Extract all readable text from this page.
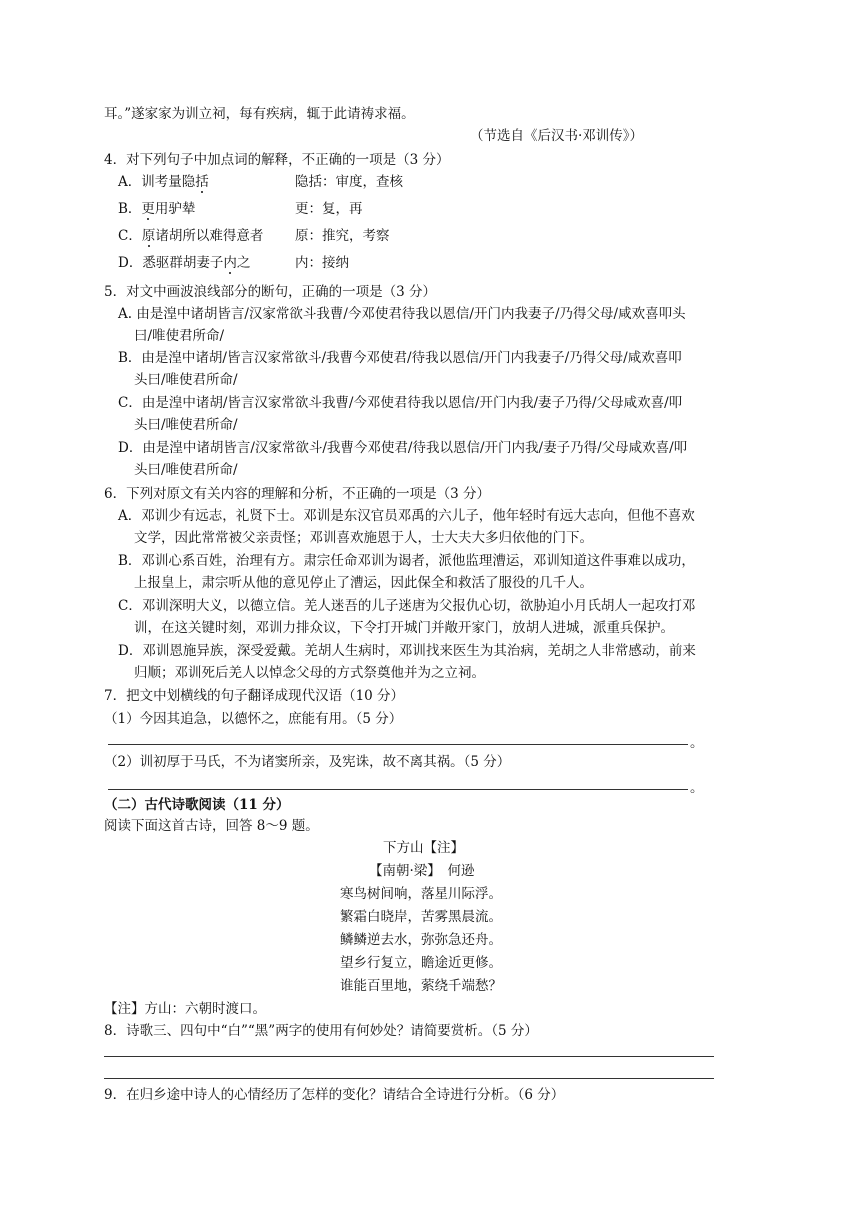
耳。”遂家家为训立祠，每有疾病，辄于此请祷求福。
（节选自《后汉书·邓训传》）
4．对下列句子中加点词的解释，不正确的一项是（3 分）
A．训考量隐括	隐括：审度，查核
B．更用驴辇	更：复，再
C．原诸胡所以难得意者 原：推究，考察
D．悉驱群胡妻子内之	内：接纳
5．对文中画波浪线部分的断句，正确的一项是（3 分）
A. 由是湟中诸胡皆言/汉家常欲斗我曹/今邓使君待我以恩信/开门内我妻子/乃得父母/咸欢喜叩头
曰/唯使君所命/
B．由是湟中诸胡/皆言汉家常欲斗/我曹今邓使君/待我以恩信/开门内我妻子/乃得父母/咸欢喜叩
头曰/唯使君所命/
C．由是湟中诸胡/皆言汉家常欲斗我曹/今邓使君待我以恩信/开门内我/妻子乃得/父母咸欢喜/叩
头曰/唯使君所命/
D．由是湟中诸胡皆言/汉家常欲斗/我曹今邓使君/待我以恩信/开门内我/妻子乃得/父母咸欢喜/叩
头曰/唯使君所命/
6．下列对原文有关内容的理解和分析，不正确的一项是（3 分）
A．邓训少有远志，礼贤下士。邓训是东汉官员邓禹的六儿子，他年轻时有远大志向，但他不喜欢
文学，因此常常被父亲责怪；邓训喜欢施恩于人，士大夫大多归依他的门下。
B．邓训心系百姓，治理有方。肃宗任命邓训为谒者，派他监理漕运，邓训知道这件事难以成功，
上报皇上，肃宗听从他的意见停止了漕运，因此保全和救活了服役的几千人。
C．邓训深明大义，以德立信。羌人迷吾的儿子迷唐为父报仇心切，欲胁迫小月氏胡人一起攻打邓
训，在这关键时刻，邓训力排众议，下令打开城门并敞开家门，放胡人进城，派重兵保护。
D．邓训恩施异族，深受爱戴。羌胡人生病时，邓训找来医生为其治病，羌胡之人非常感动，前来
归顺；邓训死后羌人以悼念父母的方式祭奠他并为之立祠。
7．把文中划横线的句子翻译成现代汉语（10 分）
（1）今因其追急，以德怀之，庶能有用。（5 分）
。
（2）训初厚于马氏，不为诸窦所亲，及宪诛，故不离其祸。（5 分）
。
（二）古代诗歌阅读（11 分）
阅读下面这首古诗，回答 8～9 题。
下方山【注】
【南朝·梁】　何逊
寒鸟树间响，落星川际浮。
繁霜白晓岸，苦雾黑晨流。
鳞鳞逆去水，弥弥急还舟。
望乡行复立，瞻途近更修。
谁能百里地，萦绕千端愁？
【注】方山：六朝时渡口。
8．诗歌三、四句中“白”“黑”两字的使用有何妙处？请简要赏析。（5 分）
9．在归乡途中诗人的心情经历了怎样的变化？请结合全诗进行分析。（6 分）
